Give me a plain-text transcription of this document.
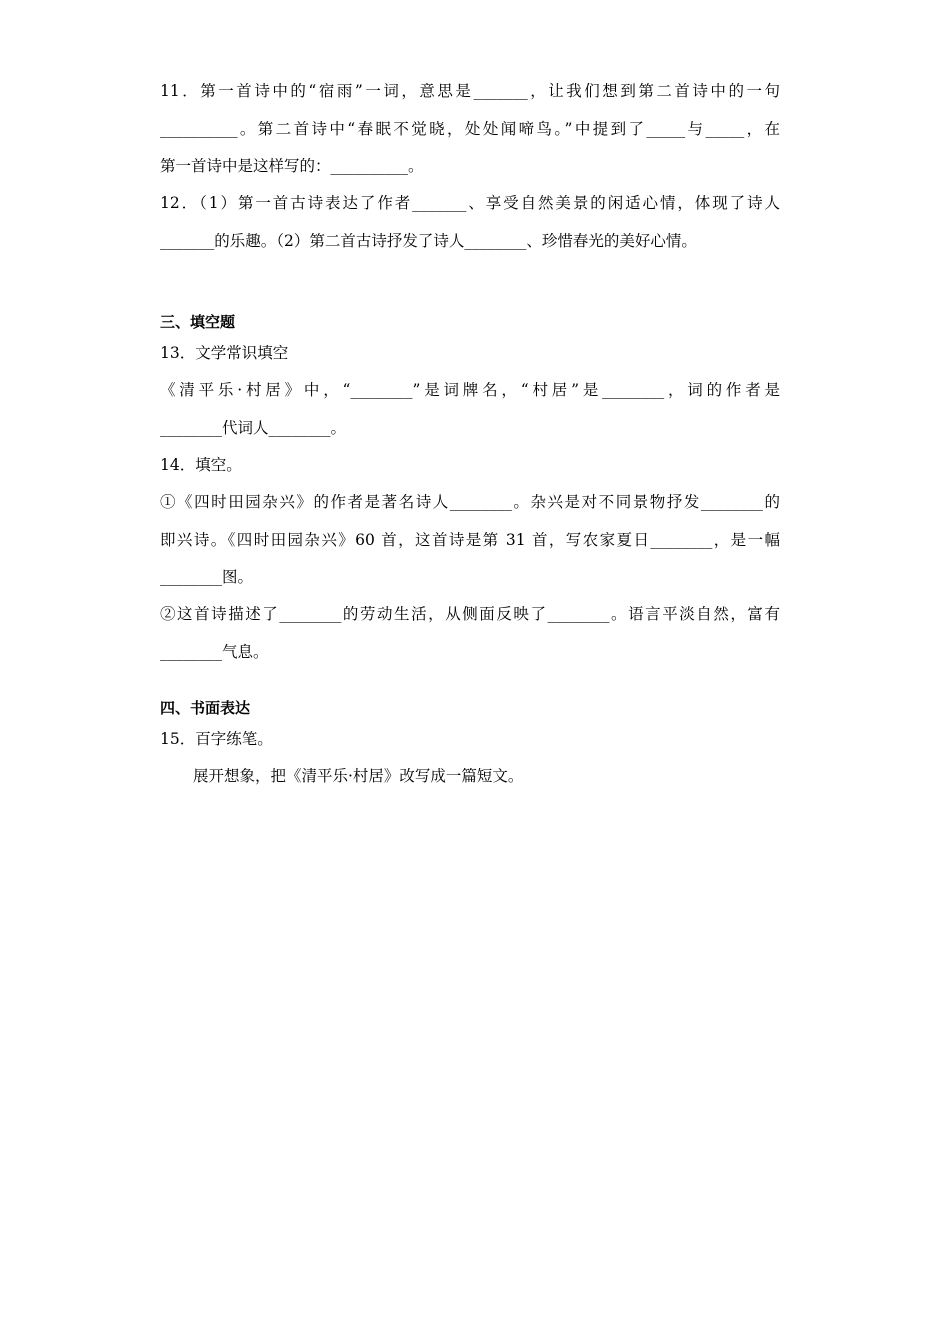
11．第一首诗中的“宿雨”一词，意思是_______，让我们想到第二首诗中的一句
__________。第二首诗中“春眠不觉晓，处处闻啼鸟。”中提到了_____与_____，在
第一首诗中是这样写的：__________。
12．（1）第一首古诗表达了作者_______、享受自然美景的闲适心情，体现了诗人
_______的乐趣。（2）第二首古诗抒发了诗人________、珍惜春光的美好心情。
三、填空题
13．文学常识填空
《清平乐·村居》中，“________”是词牌名，“村居”是________，词的作者是
________代词人________。
14．填空。
①《四时田园杂兴》的作者是著名诗人________。杂兴是对不同景物抒发________的
即兴诗。《四时田园杂兴》60 首，这首诗是第 31 首，写农家夏日________，是一幅
________图。
②这首诗描述了________的劳动生活，从侧面反映了________。语言平淡自然，富有
________气息。
四、书面表达
15．百字练笔。
展开想象，把《清平乐·村居》改写成一篇短文。
